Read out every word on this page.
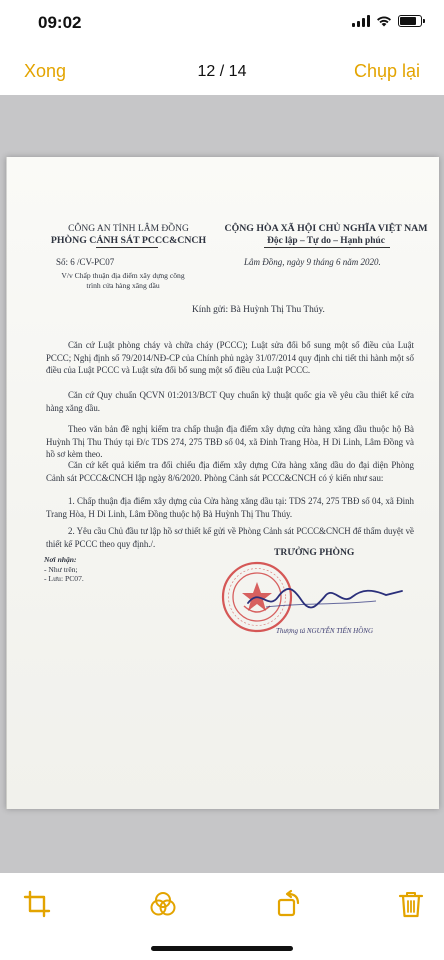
09:02
Xong	12 / 14	Chụp lại
CÔNG AN TỈNH LÂM ĐỒNG
PHÒNG CẢNH SÁT PCCC&CNCH
CỘNG HÒA XÃ HỘI CHỦ NGHĨA VIỆT NAM
Độc lập – Tự do – Hạnh phúc
Số: 6 /CV-PC07	Lâm Đồng, ngày 9 tháng 6 năm 2020.
V/v Chấp thuận địa điểm xây dựng công
trình cửa hàng xăng dầu
Kính gửi: Bà Huỳnh Thị Thu Thúy.
Căn cứ Luật phòng cháy và chữa cháy (PCCC); Luật sửa đổi bổ sung một số điều của Luật PCCC; Nghị định số 79/2014/NĐ-CP của Chính phủ ngày 31/07/2014 quy định chi tiết thi hành một số điều của Luật PCCC và Luật sửa đổi bổ sung một số điều của Luật PCCC.
Căn cứ Quy chuẩn QCVN 01:2013/BCT Quy chuẩn kỹ thuật quốc gia về yêu cầu thiết kế cửa hàng xăng dầu.
Theo văn bản đề nghị kiểm tra chấp thuận địa điểm xây dựng cửa hàng xăng dầu thuộc hộ Bà Huỳnh Thị Thu Thúy tại Đ/c TDS 274, 275 TBĐ số 04, xã Đinh Trang Hòa, H Di Linh, Lâm Đồng và hồ sơ kèm theo.
Căn cứ kết quả kiểm tra đối chiếu địa điểm xây dựng Cửa hàng xăng dầu do đại diện Phòng Cảnh sát PCCC&CNCH lập ngày 8/6/2020. Phòng Cảnh sát PCCC&CNCH có ý kiến như sau:
1. Chấp thuận địa điểm xây dựng của Cửa hàng xăng dầu tại: TDS 274, 275 TBĐ số 04, xã Đinh Trang Hòa, H Di Linh, Lâm Đồng thuộc hộ Bà Huỳnh Thị Thu Thúy.
2. Yêu cầu Chủ đầu tư lập hồ sơ thiết kế gửi về Phòng Cảnh sát PCCC&CNCH để thẩm duyệt về thiết kế PCCC theo quy định./.
Nơi nhận:
- Như trên;
- Lưu: PC07.
TRƯỞNG PHÒNG
Thượng tá NGUYỄN TIẾN HỒNG
